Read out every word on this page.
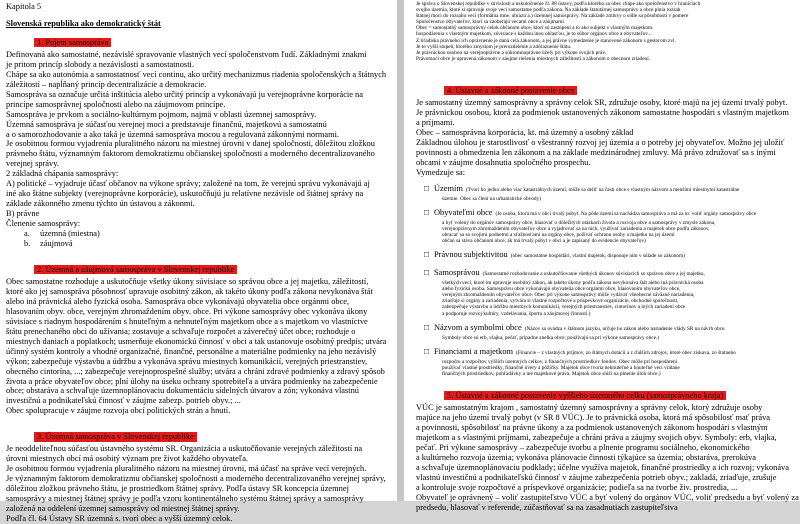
Kapitola 5
Slovenská republika ako demokratický štát
1. Pojem samospráva
Definovaná ako samostatné, nezávislé spravovanie vlastných vecí spoločenstvom ľudí. Základnými znakmi
je pritom princíp slobody a nezávislosti a samostatnosti.
Chápe sa ako autonómia a samostatnosť vecí continu, ako určitý mechanizmus riadenia spoločenských a štátnych
záležitostí – napĺňaný princíp decentralizácie a demokracie.
Samospráva sa označuje určitá inštitúcia alebo určitý princíp a vykonávajú ju verejnoprávne korporácie na
princípe samosprávnej spoločnosti alebo na záujmovom princípe.
Samospráva je prvkom a sociálno-kultúrnym pojmom, najmä v oblasti územnej samosprávy.
Územná samospráva je súčasťou verejnej moci a predstavuje finančnú, majetkovú a samostatnú
a o samorozhodovanie a ako taká je územná samospráva mocou a regulovaná zákonnými normami.
Je osobitnou formou vyjadrenia pluralitného názoru na miestnej úrovni v danej spoločnosti, dôležitou zložkou
právneho štátu, významným faktorom demokratizmu občianskej spoločnosti a moderného decentralizovaného
verejnej správy.
2 základná chápania samosprávy:
A) politické – vyjadruje účasť občanov na výkone správy; založené na tom, že verejnú správu vykonávajú aj
iné ako štátne subjekty (verejnoprávne korporácie), uskutočňujú ju relatívne nezávisle od štátnej správy na
základe zákonného zmenu týchto ún ústavou a zákonmi.
B) právne
Členenie samosprávy:
a. územná (miestna)
b. záujmová
2. Územná a záujmová samospráva v Slovenskej republike
Obec samostatne rozhoduje a uskutočňuje všetky úkony súvisiace so správou obce a jej majetku, záležitostí,
ktoré ako jej samospráva pôsobnosť upravuje osobitný zákon, ak takéto úkony podľa zákona nevykonáva štát
alebo iná právnická alebo fyzická osoba. Samospráva obce vykonávajú obyvatelia obce orgánmi obce,
hlasovaním obyv. obce, verejným zhromaždením obyv. obce. Pri výkone samosprávy obec vykonáva úkony
súvisiace s riadnym hospodárením s hnuteľným a nehnuteľným majetkom obce a s majetkom vo vlastníctve
štátu prenechaného obci do užívania; zostavuje a schvaľuje rozpočet a záverečný účet obce; rozhoduje o
miestnych daniach a poplatkoch; usmerňuje ekonomickú činnosť v obci a tak ustanovuje osobitný predpis; utvára
účinný systém kontroly a vhodné organizačné, finančné, personálne a materiálne podmienky na jeho nezávislý
výkon; zabezpečuje výstavbu a údržbu a vykonáva správu miestnych komunikácií, verejných priestranstiev,
obecného cintorína, ...; zabezpečuje verejnoprospešné služby; utvára a chráni zdravé podmienky a zdravý spôsob
života a práce obyvateľov obce; plní úlohy na úseku ochrany spotrebiteľa a utvára podmienky na zabezpečenie
obce; obstaráva a schvaľuje územnoplánovaciu dokumentáciu sídelných útvarov a zón; vykonáva vlastnú
investičnú a podnikateľskú činnosť v záujme zabezp. potrieb obyv.; ...
Obec spolupracuje v záujme rozvoja obcí politických strán a hnutí.
3. Územná samospráva v Slovenskej republike
Je neoddeliteľnou súčasťou ústavného systému SR. Organizácia a uskutočňovanie verejných záležitostí na
úrovni miestnych obcí má osobitý význam pre život každého obyvateľa.
Je osobitnou formou vyjadrenia pluralitného názoru na miestnej úrovni, má účasť na správe vecí verejných.
Je významným faktorom demokratizmu občianskej spoločnosti a moderného decentralizovaného verejnej správy,
dôležitou zložkou právneho štátu, je prostriedkom štátnej správy. Podľa ústavy SR koncepcia územnej
samosprávy a miestnej štátnej správy je podľa vzoru kontinentálneho systému štátnej správy a samosprávy
založená na oddelení územnej samosprávy od miestnej štátnej správy.
Podľa čl. 64 Ústavy SR územná s. tvorí obec a vyšší územný celok.
Je správa o Slovenskej republike v súvislosti a uskutočnenie čl. 88 ústavy, podľa ktorého sa obec chápe ako spoločenstvo v hraniciach
svojho územia, ktoré si spravuje svoje veci samostatne podľa zákona. Na základe štatutárnej samosprávy a obce plnia rozsah
štátnej moci do rozsahu vecí (formálna mne. obrazu a.) územnej samosprávy. Na základe zmluvy o sídle sa pôsobnosti v pomere
Spoločenstvo obyvateľov, ktorí sa zaoberajú vecami obce a záujmami.
Obec = samostatný samosprávny celok občanom obce, ktorí sú zastúpení a to ako subjekt s vlastným majetkom.
hospodárenia s vlastným majetkom, súvisiace s každou inou oblasťou, je to súbor orgánov obce a obyvateľov...
Z hľadiska právneho ich oprávnenie je daná celá zákonom, a jej právne vymedzenie je stanovené zákonom s gestorom zvl.
Je to vyšší stupeň, ktorého zmyslom je prerozdelenie a zdôraznenie štátu.
Je právnickou osobou na verejnoprávne a súkromnoprávne účely pri výkone svojich práv.
Právomoci obce je upravená zákonom v záujme riešenia miestnych záležitostí a zákonom o obecnom zriadení.
4. Ústavné a zákonné postavenie obce
Je samostatný územný samosprávny a správny celok SR, združuje osoby, ktoré majú na jej území trvalý pobyt.
Je právnickou osobou, ktorá za podmienok ustanovených zákonom samostatne hospodári s vlastným majetkom
a príjmami.
Obec – samosprávna korporácia, kt. má územný a osobný základ
Základnou úlohou je starostlivosť o všestranný rozvoj jej územia a o potreby jej obyvateľov. Možno jej uložiť
povinnosti a obmedzenia len zákonom a na základe medzinárodnej zmluvy. Má právo združovať sa s inými
obcami v záujme dosahnutia spoločného prospechu.
Vymedzuje sa:
□ Územím (Tvorí ho jedno alebo viac katastrálnych území, môže sa deliť na časti obce s vlastným názvom a menšími miestnymi katastrálne
územie. Obec sa člení na urbanistické obvody)
□ Obyvateľmi obce (Je osoba, ktorá má v obci trvalý pobyt. Na pôde území sa nachádza samospráva a má za to: voliť orgány samosprávy obce
a byť volený do orgánov samosprávy obce, hlasovať o dôležitých otázkach života a rozvoja obce a samosprávy v zmysle zákona,
verejnoprávnym zhromaždením obyvateľov obce a vyjadrovať sa na nich, využívať zariadenia a majetok obce podľa zákonov,
obracať sa so svojimi podnetmi a sťažnosťami na orgány obce, požívať ochranu osoby a majetku na jej území
občan sa stáva občanom obce, ak má trvalý pobyt v obci a je zapísaný do evidencie obyvateľov)
□ Právnou subjektivitou (obec samostatne hospodári, vlastní majetok, disponuje ním v súlade so zákonom)
□ Samosprávou (Samostatné rozhodovanie a uskutočňovanie všetkých úkonov súvisiacich so správou obce a jej majetku,
všetkých vecí, ktoré im upravuje osobitný zákon, ak takéto úkony podľa zákona nevykonáva štát alebo iná právnická osoba
alebo fyzická osoba. Samosprávu obce vykonávajú obyvatelia obce orgánmi obce, hlasovaním obyvateľov obce,
verejným zhromaždením obyvateľov obce. Obec pri výkone samosprávy môže vydávať všeobecne záväzné nariadenia,
zriaďuje si orgány a zariadenia, vytvára si vlastné rozpočtové a príspevkové organizácie, obchodné spoločnosti,
zabezpečuje výstavbu a údržbu miestnych komunikácií, verejných priestranstiev, cintorínov a iných zariadení obce
a podporuje rozvoj kultúry, vzdelávania, športu a záujmovej činnosti.)
□ Názvom a symbolmi obce (Názov sa uvádza v štátnom jazyku, určuje ho zákon alebo nariadenie vlády SR na návrh obce.
Symboly obce sú erb, vlajka, pečať, prípadne znelka obce; používajú sa pri výkone samosprávy obce.)
□ Financiami a majetkom (Financie – z vlastných príjmov, zo štátnych dotácií a z ďalších zdrojov, ktoré obec získava, zo štátneho
rozpočtu a rozpočtov vyšších územných celkov, z finančných prostriedkov fondov. Obec môže pri hospodárení
používať vlastné prostriedky, finančné úvery a pôžičky. Majetok obce tvoria nehnuteľné a hnuteľné veci vrátane
finančných prostriedkov, pohľadávky a iné majetkové práva. Majetok obce slúži na plnenie úloh obce.)
5. Ústavné a zákonné postavenie vyššieho územného celku (samosprávneho kraja)
VÚC je samostatným krajom , samostatný územný samosprávny a správny celok, ktorý združuje osoby
majúce na jeho území trvalý pobyt (v SR 8 VÚC). Je to právnická osoba, ktorá má spôsobilosť mať práva
a povinnosti, spôsobilosť na právne úkony a za podmienok ustanovených zákonom hospodári s vlastným
majetkom a s vlastnými príjmami, zabezpečuje a chráni práva a záujmy svojich obyv. Symboly: erb, vlajka,
pečať. Pri výkone samosprávy – zabezpečuje tvorbu a plnenie programu sociálneho, ekonomického
a kultúrneho rozvoja územia; vykonáva plánovacie činnosti týkajúce sa územia; obstaráva, prerokúva
a schvaľuje územnoplánovaciu podklady; účelne využíva majetok, finančné prostriedky a ich rozvoj; vykonáva
vlastnú investičnú a podnikateľskú činnosť v záujme zabezpečenia potrieb obyv.; zakladá, zriaďuje, zrušuje
a kontroluje svoje rozpočtové a príspevkové organizácie; podieľa sa na tvorbe živ. prostredia, ...
Obyvateľ je oprávnený – voliť zastupiteľstvo VÚC a byť volený do orgánov VÚC, voliť predsedu a byť volený za
predsedu, hlasovať v referende, zúčastňovať sa na zasadnutiach zastupiteľstva
